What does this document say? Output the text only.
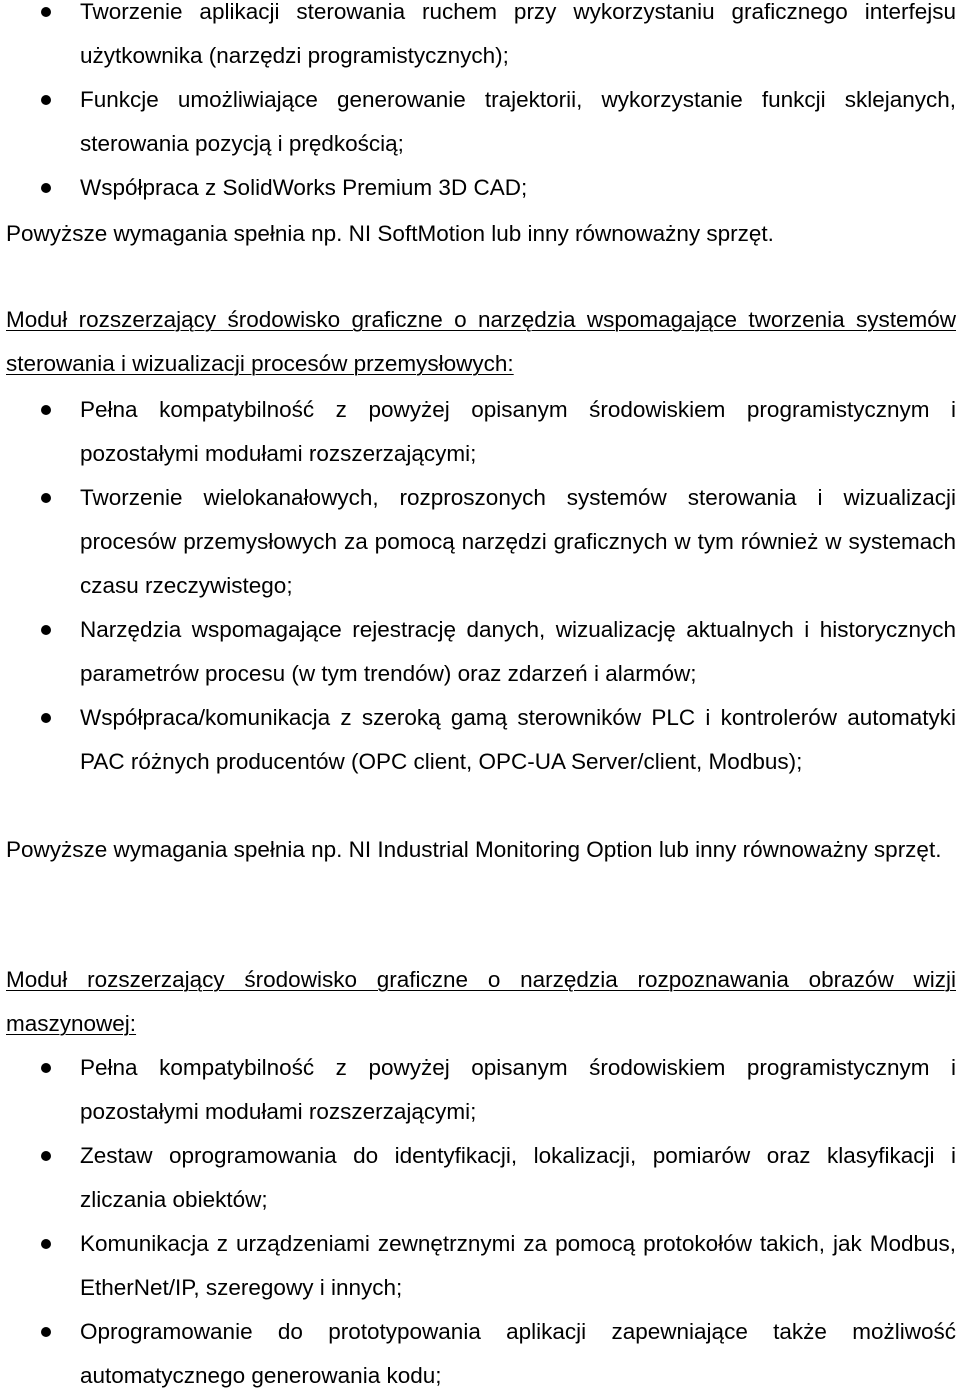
Tworzenie aplikacji sterowania ruchem przy wykorzystaniu graficznego interfejsu użytkownika (narzędzi programistycznych);
Funkcje umożliwiające generowanie trajektorii, wykorzystanie funkcji sklejanych, sterowania pozycją i prędkością;
Współpraca z SolidWorks Premium 3D CAD;

Powyższe wymagania spełnia np. NI SoftMotion lub inny równoważny sprzęt.

Moduł rozszerzający środowisko graficzne o narzędzia wspomagające tworzenia systemów sterowania i wizualizacji procesów przemysłowych:

Pełna kompatybilność z powyżej opisanym środowiskiem programistycznym i pozostałymi modułami rozszerzającymi;
Tworzenie wielokanałowych, rozproszonych systemów sterowania i wizualizacji procesów przemysłowych za pomocą narzędzi graficznych w tym również w systemach czasu rzeczywistego;
Narzędzia wspomagające rejestrację danych, wizualizację aktualnych i historycznych parametrów procesu (w tym trendów) oraz zdarzeń i alarmów;
Współpraca/komunikacja z szeroką gamą sterowników PLC i kontrolerów automatyki PAC różnych producentów (OPC client, OPC-UA Server/client, Modbus);

Powyższe wymagania spełnia np. NI Industrial Monitoring Option lub inny równoważny sprzęt.

Moduł rozszerzający środowisko graficzne o narzędzia rozpoznawania obrazów wizji maszynowej:

Pełna kompatybilność z powyżej opisanym środowiskiem programistycznym i pozostałymi modułami rozszerzającymi;
Zestaw oprogramowania do identyfikacji, lokalizacji, pomiarów oraz klasyfikacji i zliczania obiektów;
Komunikacja z urządzeniami zewnętrznymi za pomocą protokołów takich, jak Modbus, EtherNet/IP, szeregowy i innych;
Oprogramowanie do prototypowania aplikacji zapewniające także możliwość automatycznego generowania kodu;
